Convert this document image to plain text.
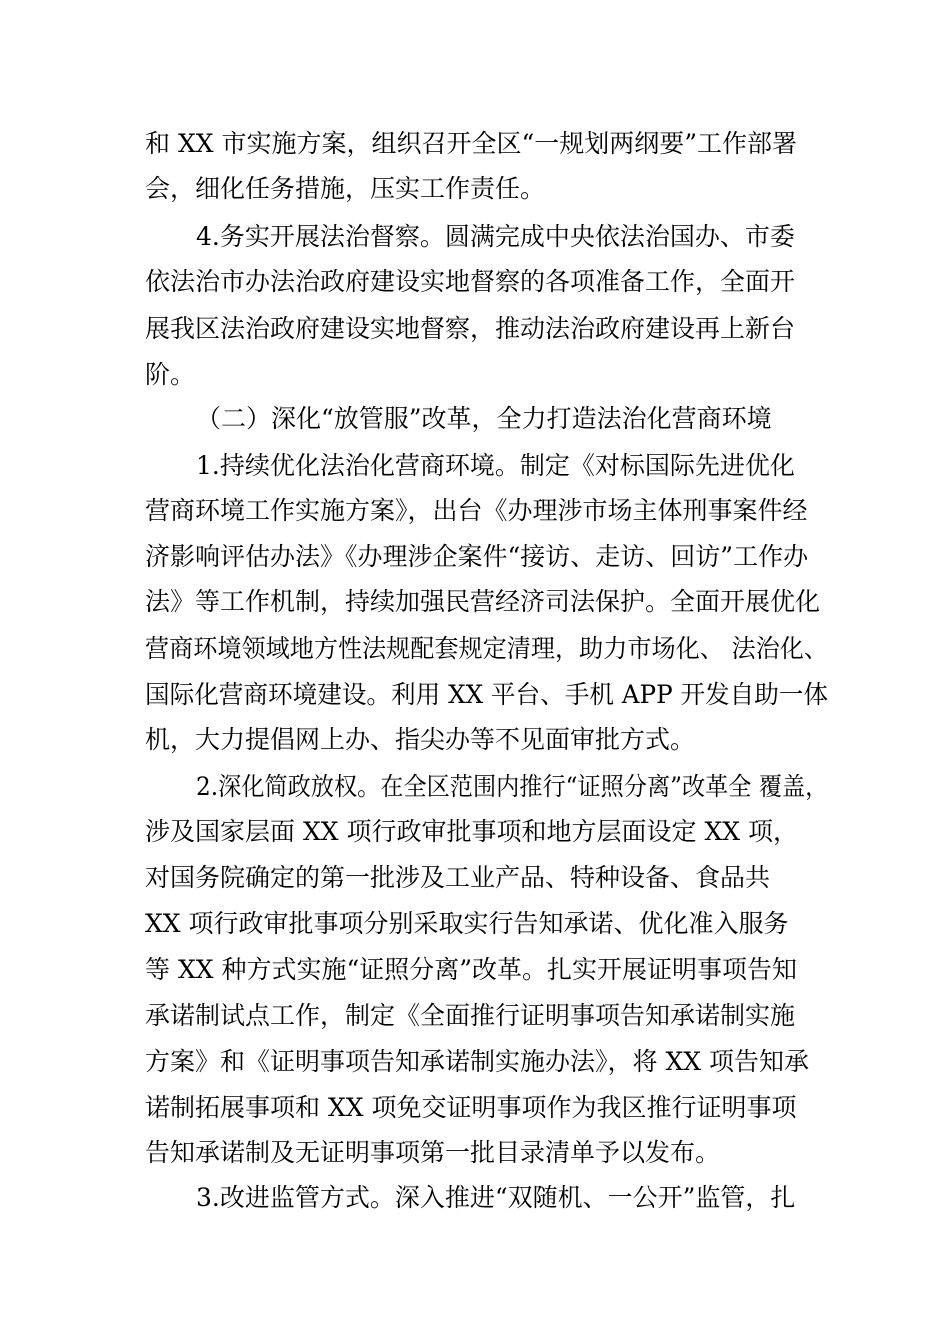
和 XX 市实施方案，组织召开全区“一规划两纲要”工作部署
会，细化任务措施，压实工作责任。
4.务实开展法治督察。圆满完成中央依法治国办、市委
依法治市办法治政府建设实地督察的各项准备工作，全面开
展我区法治政府建设实地督察，推动法治政府建设再上新台
阶。
（二）深化“放管服”改革，全力打造法治化营商环境
1.持续优化法治化营商环境。制定《对标国际先进优化
营商环境工作实施方案》，出台《办理涉市场主体刑事案件经
济影响评估办法》《办理涉企案件“接访、走访、回访”工作办
法》等工作机制，持续加强民营经济司法保护。全面开展优化
营商环境领域地方性法规配套规定清理，助力市场化、 法治化、
国际化营商环境建设。利用 XX 平台、手机 APP 开发自助一体
机，大力提倡网上办、指尖办等不见面审批方式。
2.深化简政放权。在全区范围内推行“证照分离”改革全 覆盖，
涉及国家层面 XX 项行政审批事项和地方层面设定 XX 项，
对国务院确定的第一批涉及工业产品、特种设备、食品共
XX 项行政审批事项分别采取实行告知承诺、优化准入服务
等 XX 种方式实施“证照分离”改革。扎实开展证明事项告知
承诺制试点工作，制定《全面推行证明事项告知承诺制实施
方案》和《证明事项告知承诺制实施办法》，将 XX 项告知承
诺制拓展事项和 XX 项免交证明事项作为我区推行证明事项
告知承诺制及无证明事项第一批目录清单予以发布。
3.改进监管方式。深入推进“双随机、一公开”监管，扎
